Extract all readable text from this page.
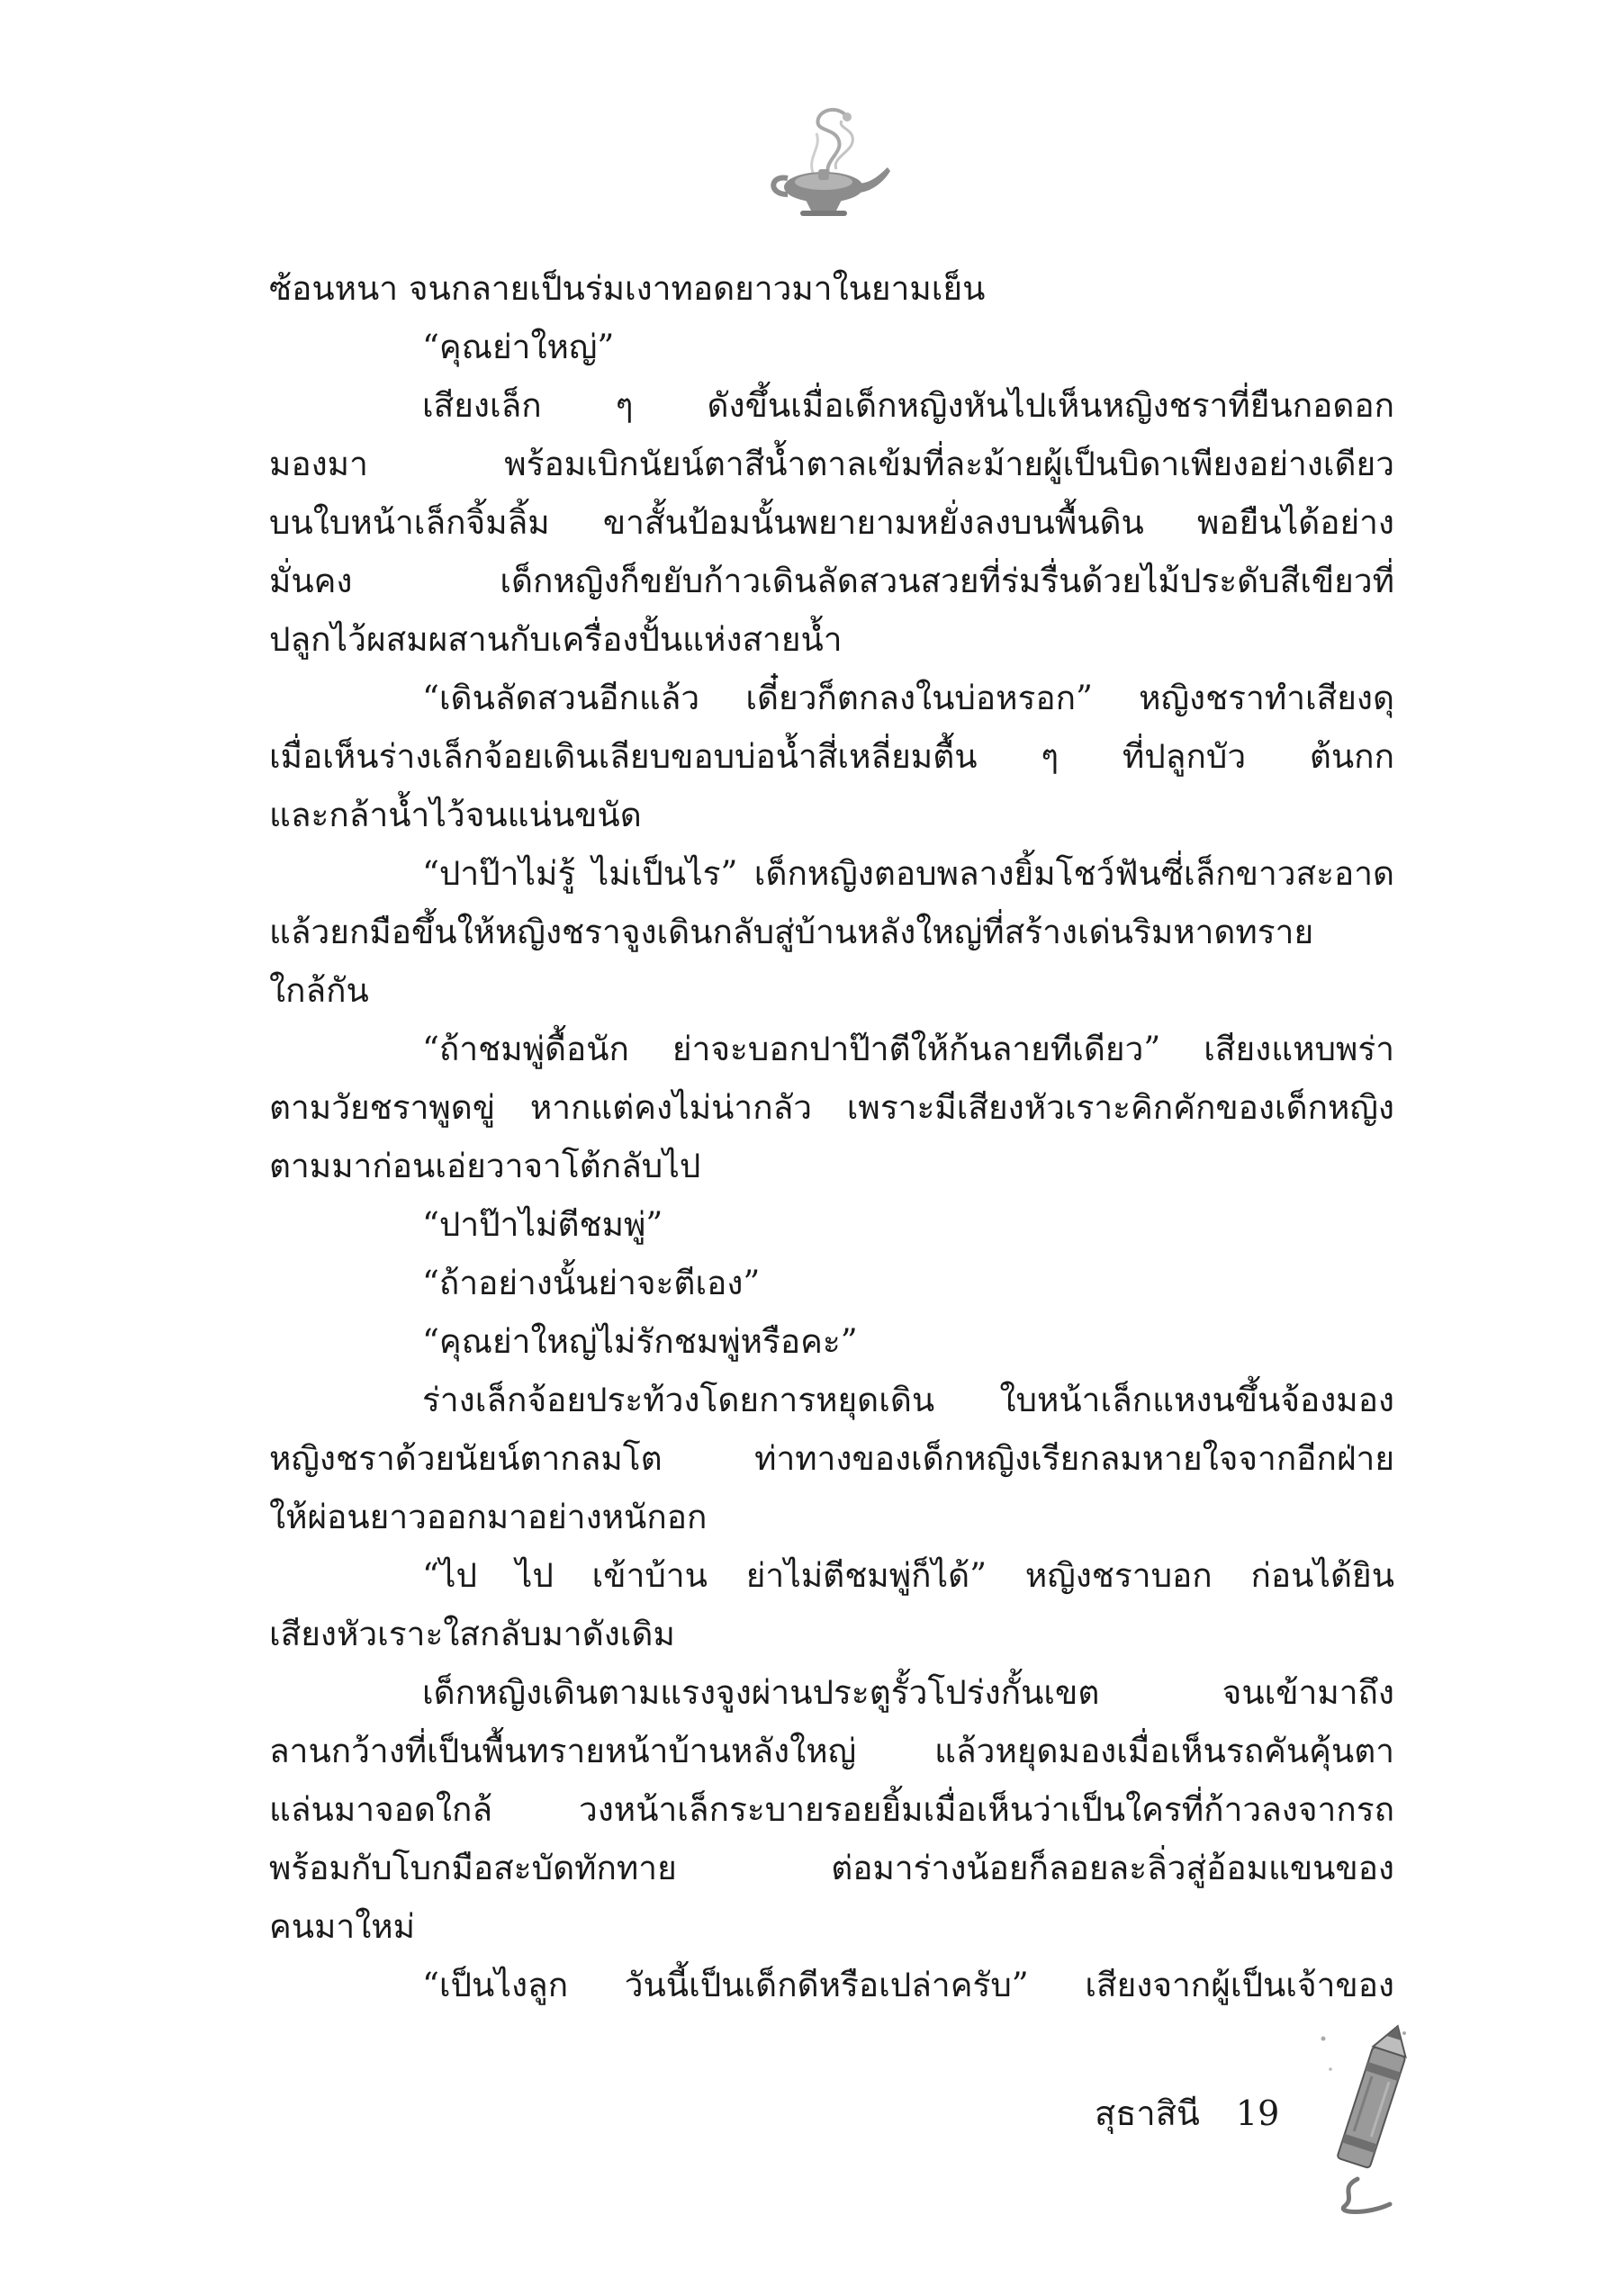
ซ้อนหนา จนกลายเป็นร่มเงาทอดยาวมาในยามเย็น
“คุณย่าใหญ่”
เสียงเล็ก ๆ ดังขึ้นเมื่อเด็กหญิงหันไปเห็นหญิงชราที่ยืนกอดอก
มองมา พร้อมเบิกนัยน์ตาสีน้ำตาลเข้มที่ละม้ายผู้เป็นบิดาเพียงอย่างเดียว
บนใบหน้าเล็กจิ้มลิ้ม ขาสั้นป้อมนั้นพยายามหยั่งลงบนพื้นดิน พอยืนได้อย่าง
มั่นคง เด็กหญิงก็ขยับก้าวเดินลัดสวนสวยที่ร่มรื่นด้วยไม้ประดับสีเขียวที่
ปลูกไว้ผสมผสานกับเครื่องปั้นแห่งสายน้ำ
“เดินลัดสวนอีกแล้ว เดี๋ยวก็ตกลงในบ่อหรอก” หญิงชราทำเสียงดุ
เมื่อเห็นร่างเล็กจ้อยเดินเลียบขอบบ่อน้ำสี่เหลี่ยมตื้น ๆ ที่ปลูกบัว ต้นกก
และกล้าน้ำไว้จนแน่นขนัด
“ปาป๊าไม่รู้ ไม่เป็นไร” เด็กหญิงตอบพลางยิ้มโชว์ฟันซี่เล็กขาวสะอาด
แล้วยกมือขึ้นให้หญิงชราจูงเดินกลับสู่บ้านหลังใหญ่ที่สร้างเด่นริมหาดทราย
ใกล้กัน
“ถ้าชมพู่ดื้อนัก ย่าจะบอกปาป๊าตีให้ก้นลายทีเดียว” เสียงแหบพร่า
ตามวัยชราพูดขู่ หากแต่คงไม่น่ากลัว เพราะมีเสียงหัวเราะคิกคักของเด็กหญิง
ตามมาก่อนเอ่ยวาจาโต้กลับไป
“ปาป๊าไม่ตีชมพู่”
“ถ้าอย่างนั้นย่าจะตีเอง”
“คุณย่าใหญ่ไม่รักชมพู่หรือคะ”
ร่างเล็กจ้อยประท้วงโดยการหยุดเดิน ใบหน้าเล็กแหงนขึ้นจ้องมอง
หญิงชราด้วยนัยน์ตากลมโต ท่าทางของเด็กหญิงเรียกลมหายใจจากอีกฝ่าย
ให้ผ่อนยาวออกมาอย่างหนักอก
“ไป ไป เข้าบ้าน ย่าไม่ตีชมพู่ก็ได้” หญิงชราบอก ก่อนได้ยิน
เสียงหัวเราะใสกลับมาดังเดิม
เด็กหญิงเดินตามแรงจูงผ่านประตูรั้วโปร่งกั้นเขต จนเข้ามาถึง
ลานกว้างที่เป็นพื้นทรายหน้าบ้านหลังใหญ่ แล้วหยุดมองเมื่อเห็นรถคันคุ้นตา
แล่นมาจอดใกล้ วงหน้าเล็กระบายรอยยิ้มเมื่อเห็นว่าเป็นใครที่ก้าวลงจากรถ
พร้อมกับโบกมือสะบัดทักทาย ต่อมาร่างน้อยก็ลอยละลิ่วสู่อ้อมแขนของ
คนมาใหม่
“เป็นไงลูก วันนี้เป็นเด็กดีหรือเปล่าครับ” เสียงจากผู้เป็นเจ้าของ
สุธาสินี 19
